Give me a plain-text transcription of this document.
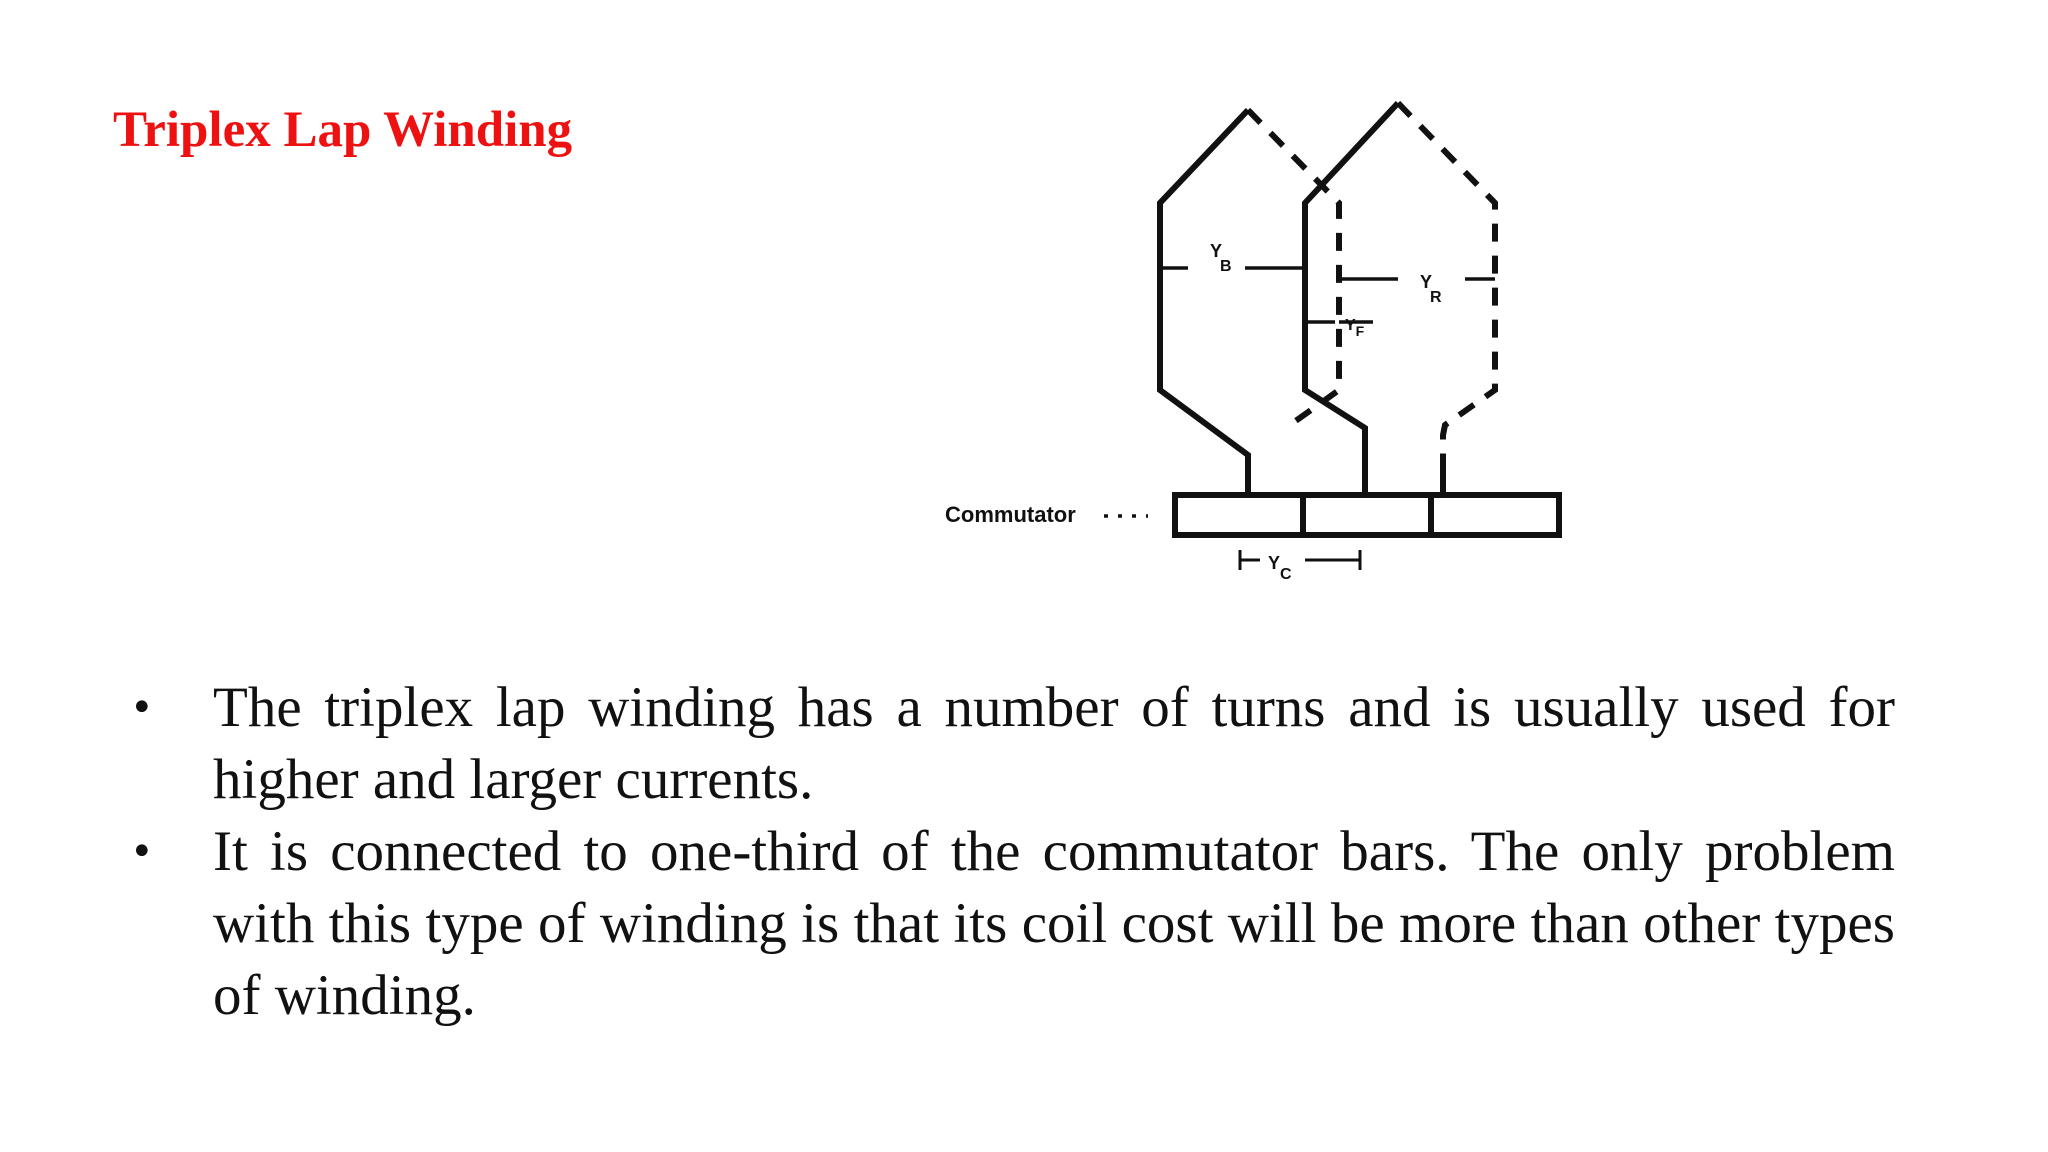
Triplex Lap Winding
Y B
YF
Y R
Commutator
YC
• The triplex lap winding has a number of turns and is usually used for higher and larger currents.
• It is connected to one-third of the commutator bars. The only problem with this type of winding is that its coil cost will be more than other types of winding.
